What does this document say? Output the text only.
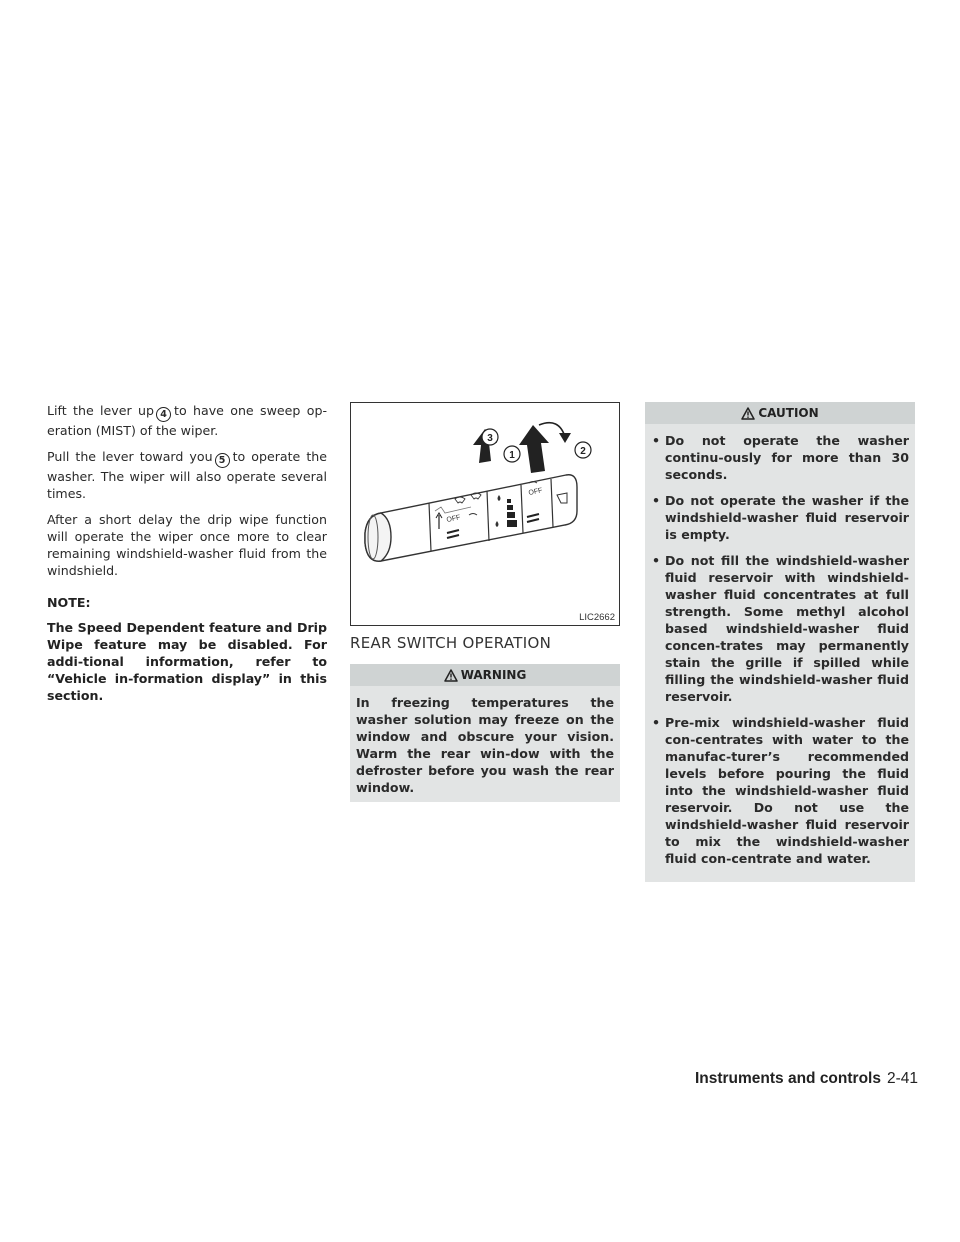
Lift the lever up 4 to have one sweep op-eration (MIST) of the wiper.

Pull the lever toward you 5 to operate the washer. The wiper will also operate several times.

After a short delay the drip wipe function will operate the wiper once more to clear remaining windshield-washer fluid from the windshield.

NOTE:

The Speed Dependent feature and Drip Wipe feature may be disabled. For addi-tional information, refer to “Vehicle in-formation display” in this section.

OFF
OFF
3
1	2
LIC2662
REAR SWITCH OPERATION
WARNING

In freezing temperatures the washer solution may freeze on the window and obscure your vision. Warm the rear win-dow with the defroster before you wash the rear window.

CAUTION
• Do not operate the washer continu-ously for more than 30 seconds.
• Do not operate the washer if the windshield-washer fluid reservoir is empty.
• Do not fill the windshield-washer fluid reservoir with windshield-washer fluid concentrates at full strength. Some methyl alcohol based windshield-washer fluid concen-trates may permanently stain the grille if spilled while filling the windshield-washer fluid reservoir.
• Pre-mix windshield-washer fluid con-centrates with water to the manufac-turer’s recommended levels before pouring the fluid into the windshield-washer fluid reservoir. Do not use the windshield-washer fluid reservoir to mix the windshield-washer fluid con-centrate and water.
Instruments and controls 2-41
